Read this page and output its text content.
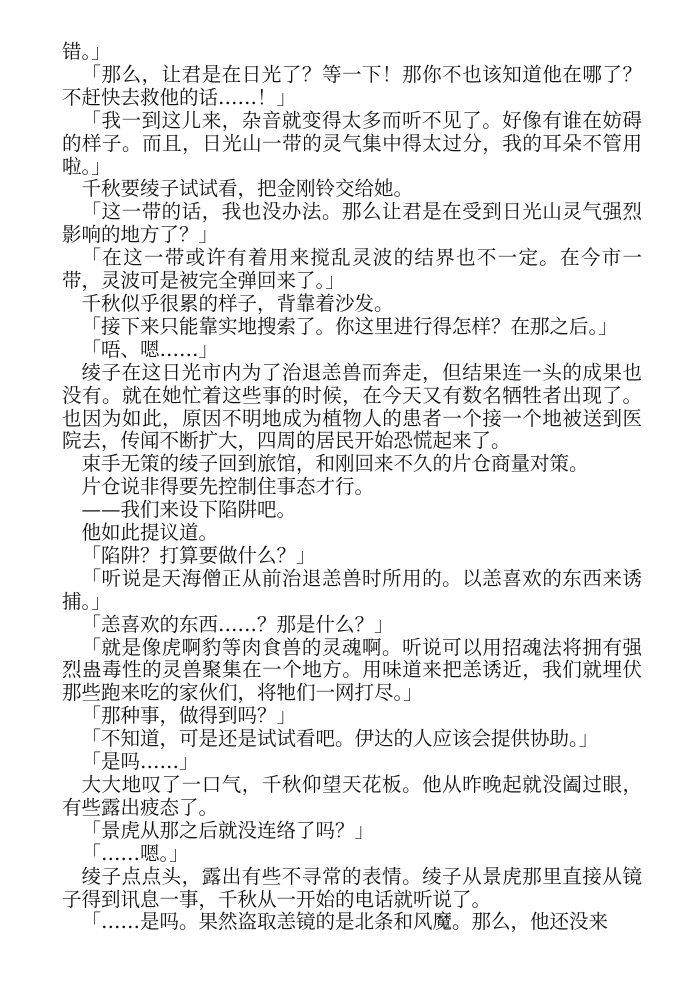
错。」

「那么，让君是在日光了？等一下！那你不也该知道他在哪了？不赶快去救他的话……！」

「我一到这儿来，杂音就变得太多而听不见了。好像有谁在妨碍的样子。而且，日光山一带的灵气集中得太过分，我的耳朵不管用啦。」

千秋要绫子试试看，把金刚铃交给她。

「这一带的话，我也没办法。那么让君是在受到日光山灵气强烈影响的地方了？」

「在这一带或许有着用来搅乱灵波的结界也不一定。在今市一带，灵波可是被完全弹回来了。」

千秋似乎很累的样子，背靠着沙发。

「接下来只能靠实地搜索了。你这里进行得怎样？在那之后。」

「唔、嗯……」

绫子在这日光市内为了治退恙兽而奔走，但结果连一头的成果也没有。就在她忙着这些事的时候，在今天又有数名牺牲者出现了。也因为如此，原因不明地成为植物人的患者一个接一个地被送到医院去，传闻不断扩大，四周的居民开始恐慌起来了。

束手无策的绫子回到旅馆，和刚回来不久的片仓商量对策。

片仓说非得要先控制住事态才行。

——我们来设下陷阱吧。

他如此提议道。

「陷阱？打算要做什么？」

「听说是天海僧正从前治退恙兽时所用的。以恙喜欢的东西来诱捕。」

「恙喜欢的东西……？那是什么？」

「就是像虎啊豹等肉食兽的灵魂啊。听说可以用招魂法将拥有强烈蛊毒性的灵兽聚集在一个地方。用味道来把恙诱近，我们就埋伏那些跑来吃的家伙们，将牠们一网打尽。」

「那种事，做得到吗？」

「不知道，可是还是试试看吧。伊达的人应该会提供协助。」

「是吗……」

大大地叹了一口气，千秋仰望天花板。他从昨晚起就没阖过眼，有些露出疲态了。

「景虎从那之后就没连络了吗？」

「……嗯。」

绫子点点头，露出有些不寻常的表情。绫子从景虎那里直接从镜子得到讯息一事，千秋从一开始的电话就听说了。

「……是吗。果然盗取恙镜的是北条和风魔。那么，他还没来
